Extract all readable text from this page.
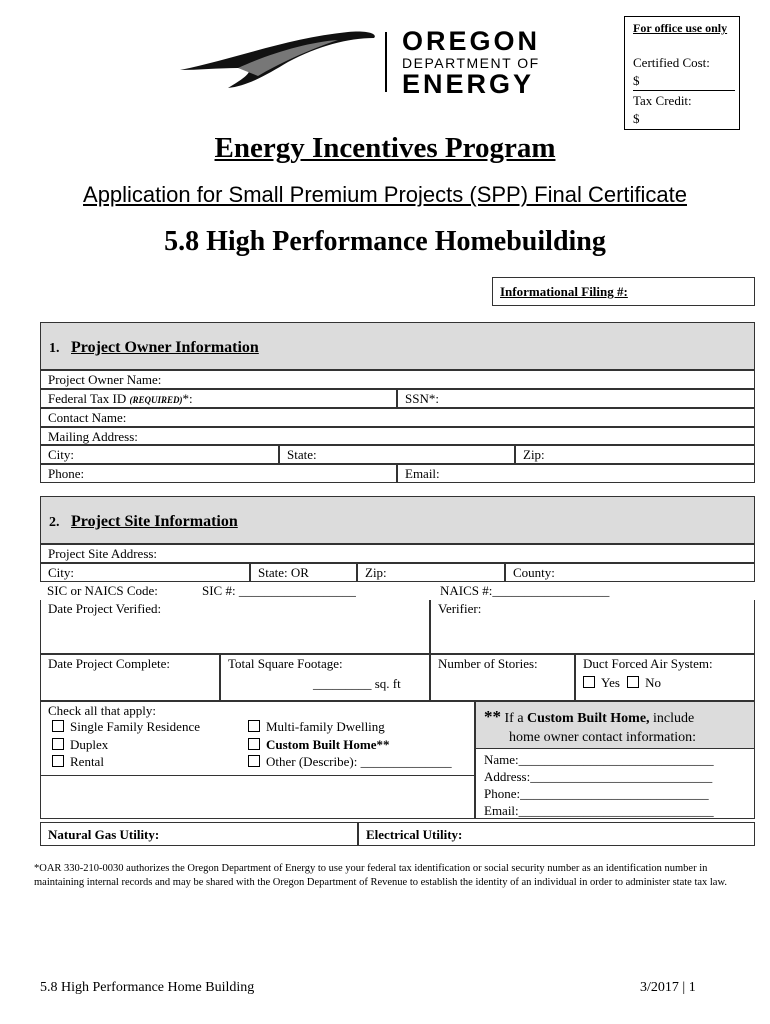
OREGON
DEPARTMENT OF
ENERGY
For office use only
Certified Cost:
$
Tax Credit:
$
Energy Incentives Program
Application for Small Premium Projects (SPP) Final Certificate
5.8 High Performance Homebuilding
Informational Filing #:
1. Project Owner Information
Project Owner Name:
Federal Tax ID (REQUIRED)*:	SSN*:
Contact Name:
Mailing Address:
City:	State:	Zip:
Phone:	Email:
2. Project Site Information
Project Site Address:
City:	State: OR	Zip:	County:
SIC or NAICS Code:	SIC #: __________________	NAICS #:__________________
Date Project Verified:	Verifier:
Date Project Complete:	Total Square Footage:
_________ sq. ft
Number of Stories:	Duct Forced Air System:
Yes No
Check all that apply:
Single Family Residence
Duplex
Rental
Multi-family Dwelling
Custom Built Home**
Other (Describe): ______________
** If a Custom Built Home, include
home owner contact information:
Name:______________________________
Address:____________________________
Phone:_____________________________
Email:______________________________
Natural Gas Utility:	Electrical Utility:
*OAR 330-210-0030 authorizes the Oregon Department of Energy to use your federal tax identification or social security number as an identification number in maintaining internal records and may be shared with the Oregon Department of Revenue to establish the identity of an individual in order to administer state tax law.
5.8 High Performance Home Building	3/2017 | 1
